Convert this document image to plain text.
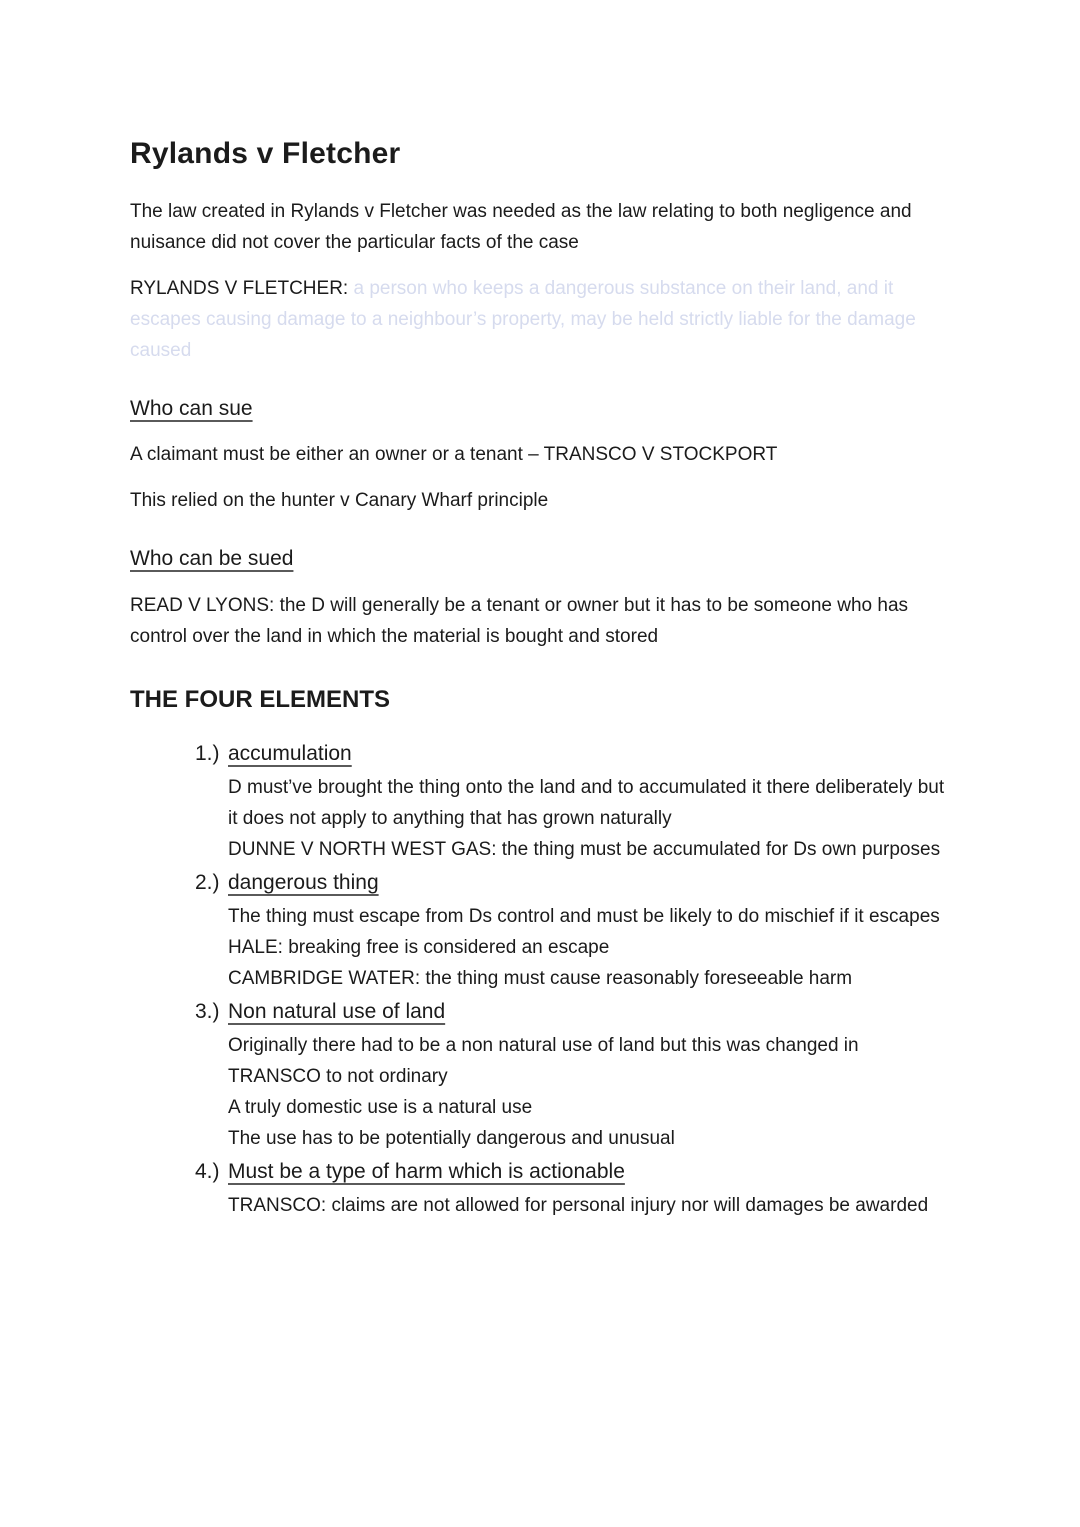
Rylands v Fletcher

The law created in Rylands v Fletcher was needed as the law relating to both negligence and nuisance did not cover the particular facts of the case

RYLANDS V FLETCHER: a person who keeps a dangerous substance on their land, and it escapes causing damage to a neighbour’s property, may be held strictly liable for the damage caused

Who can sue

A claimant must be either an owner or a tenant – TRANSCO V STOCKPORT

This relied on the hunter v Canary Wharf principle

Who can be sued

READ V LYONS: the D will generally be a tenant or owner but it has to be someone who has control over the land in which the material is bought and stored

THE FOUR ELEMENTS
1.) accumulation
D must’ve brought the thing onto the land and to accumulated it there deliberately but it does not apply to anything that has grown naturally
DUNNE V NORTH WEST GAS: the thing must be accumulated for Ds own purposes
2.) dangerous thing
The thing must escape from Ds control and must be likely to do mischief if it escapes
HALE: breaking free is considered an escape
CAMBRIDGE WATER: the thing must cause reasonably foreseeable harm
3.) Non natural use of land
Originally there had to be a non natural use of land but this was changed in TRANSCO to not ordinary
A truly domestic use is a natural use
The use has to be potentially dangerous and unusual
4.) Must be a type of harm which is actionable
TRANSCO: claims are not allowed for personal injury nor will damages be awarded
